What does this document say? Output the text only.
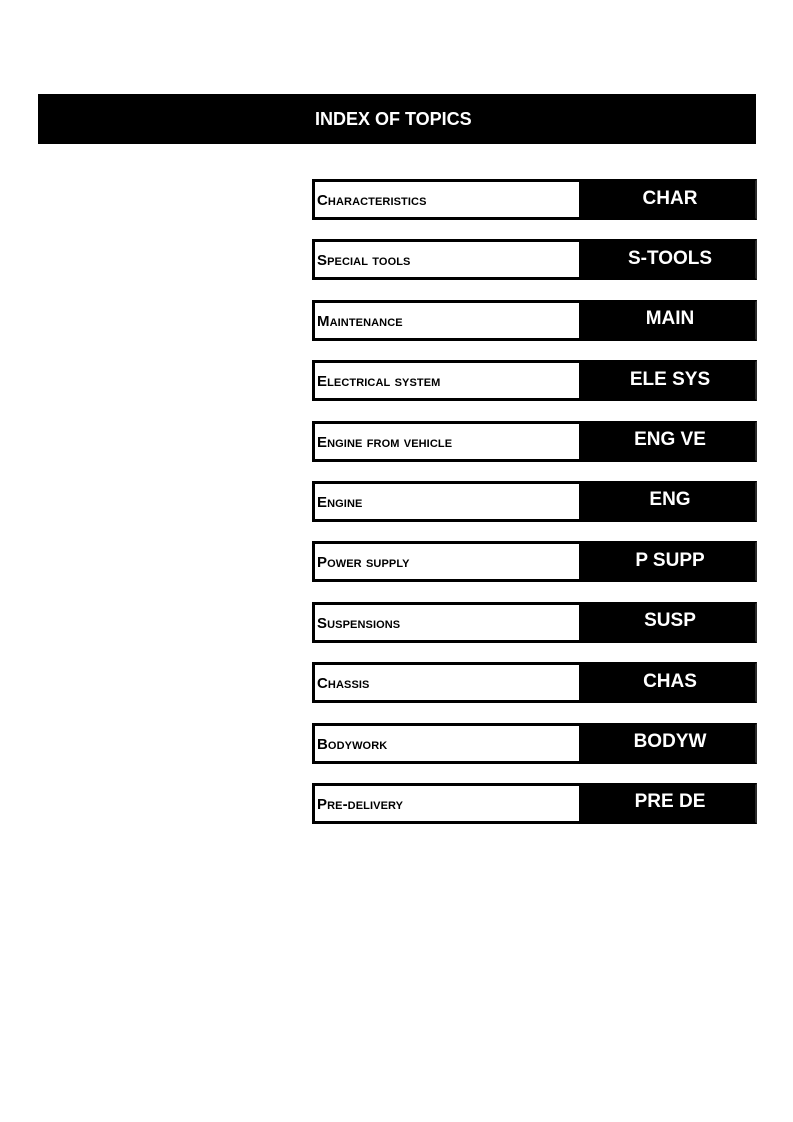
INDEX OF TOPICS
Characteristics	CHAR
Special tools	S-TOOLS
Maintenance	MAIN
Electrical system	ELE SYS
Engine from vehicle	ENG VE
Engine	ENG
Power supply	P SUPP
Suspensions	SUSP
Chassis	CHAS
Bodywork	BODYW
Pre-delivery	PRE DE
